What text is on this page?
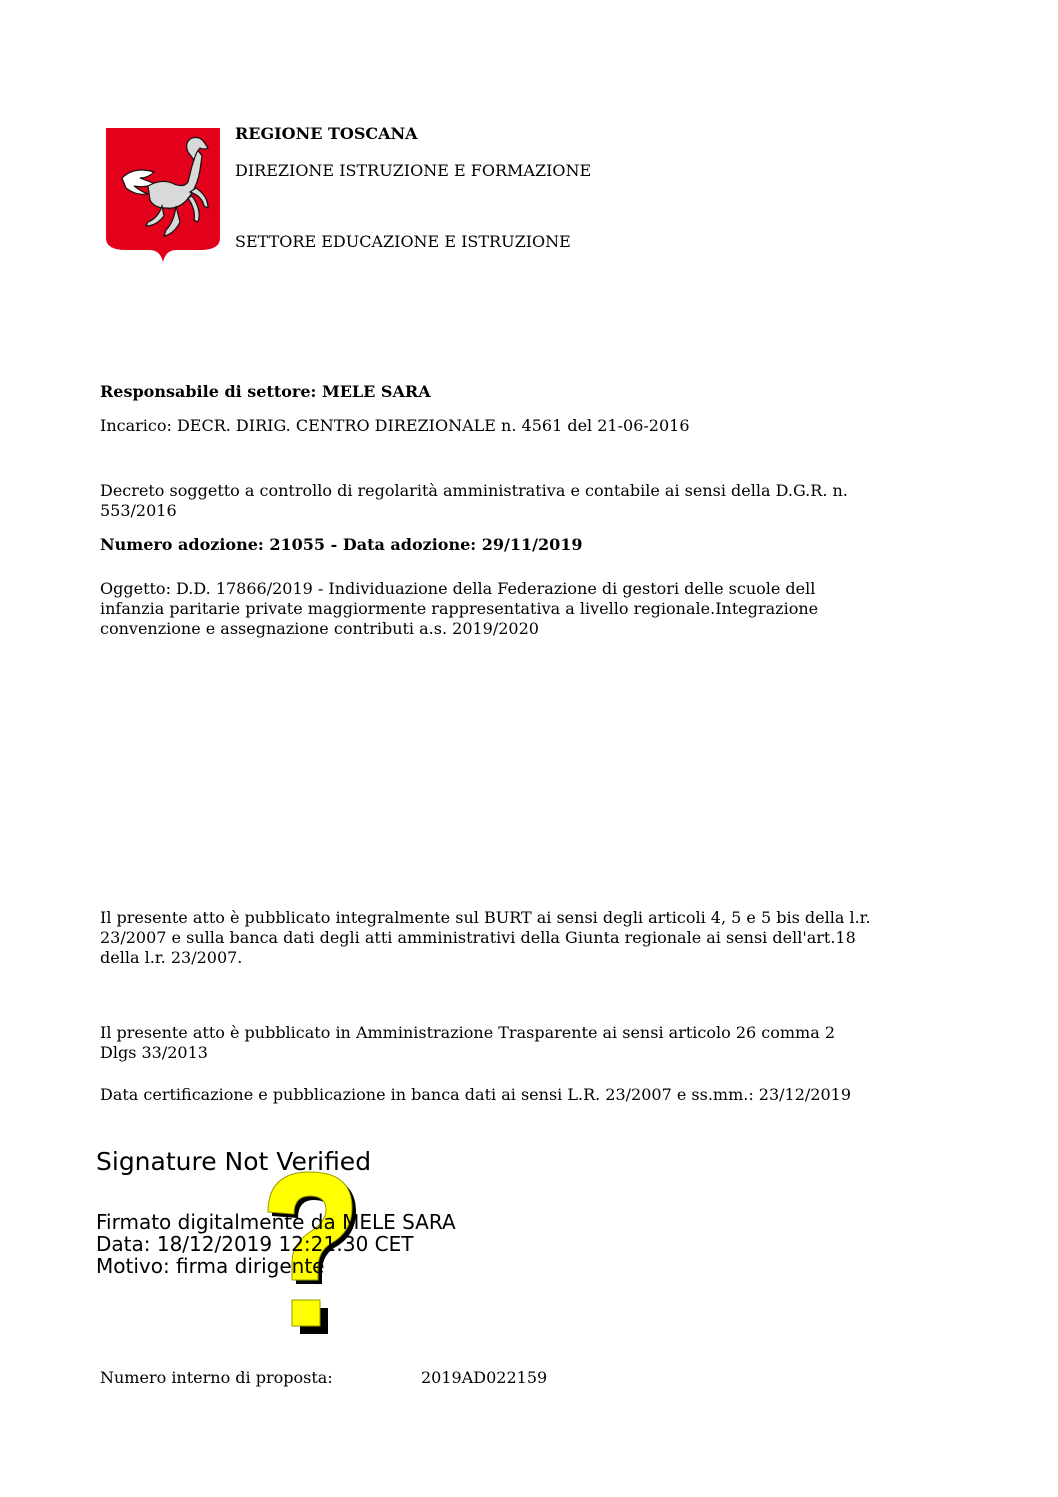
REGIONE TOSCANA
DIREZIONE ISTRUZIONE E FORMAZIONE
SETTORE EDUCAZIONE E ISTRUZIONE
Responsabile di settore: MELE SARA
Incarico: DECR. DIRIG. CENTRO DIREZIONALE n. 4561 del 21-06-2016
Decreto soggetto a controllo di regolarità amministrativa e contabile ai sensi della D.G.R. n.
553/2016
Numero adozione: 21055 - Data adozione: 29/11/2019
Oggetto: D.D. 17866/2019 - Individuazione della Federazione di gestori delle scuole dell
infanzia paritarie private maggiormente rappresentativa a livello regionale.Integrazione
convenzione e assegnazione contributi a.s. 2019/2020
Il presente atto è pubblicato integralmente sul BURT ai sensi degli articoli 4, 5 e 5 bis della l.r.
23/2007 e sulla banca dati degli atti amministrativi della Giunta regionale ai sensi dell'art.18
della l.r. 23/2007.
Il presente atto è pubblicato in Amministrazione Trasparente ai sensi articolo 26 comma 2
Dlgs 33/2013
Data certificazione e pubblicazione in banca dati ai sensi L.R. 23/2007 e ss.mm.: 23/12/2019
Signature Not Verified
Firmato digitalmente da MELE SARA
Data: 18/12/2019 12:21:30 CET
Motivo: firma dirigente
Numero interno di proposta:	2019AD022159
